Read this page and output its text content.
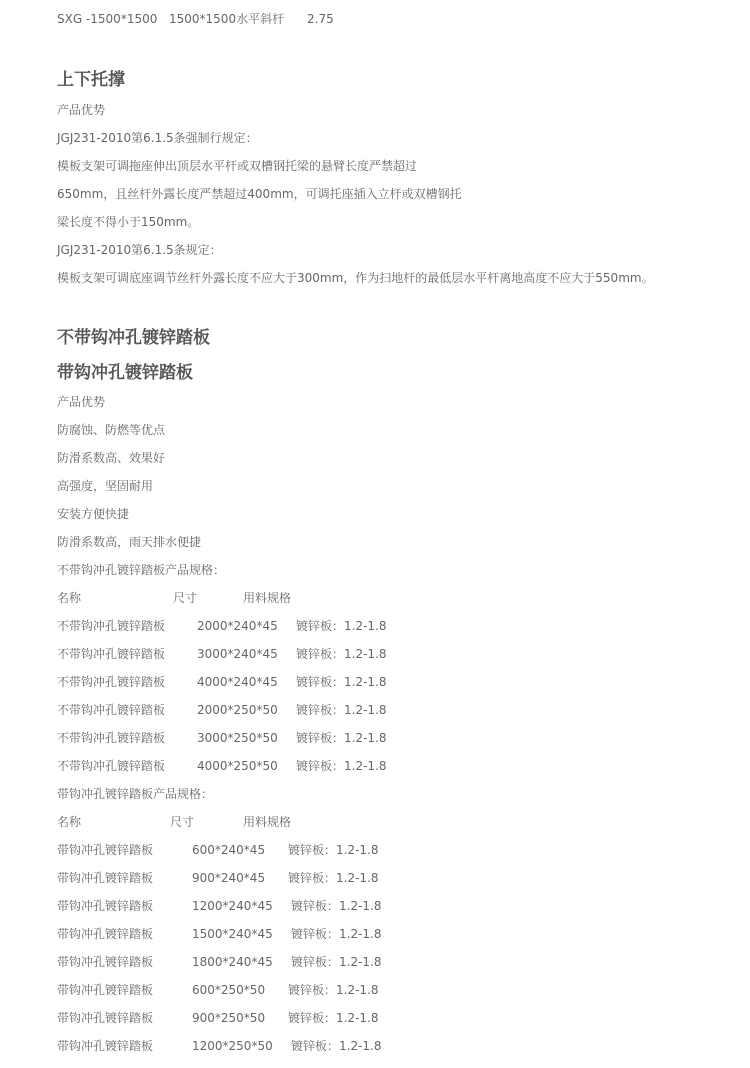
SXG -1500*1500 1500*1500水平斜杆 2.75
上下托撑
产品优势
JGJ231-2010第6.1.5条强制行规定：
模板支架可调拖座伸出顶层水平杆或双槽钢托梁的悬臂长度严禁超过
650mm，且丝杆外露长度严禁超过400mm，可调托座插入立杆或双槽钢托
梁长度不得小于150mm。
JGJ231-2010第6.1.5条规定：
模板支架可调底座调节丝杆外露长度不应大于300mm，作为扫地杆的最低层水平杆离地高度不应大于550mm。
不带钩冲孔镀锌踏板
带钩冲孔镀锌踏板
产品优势
防腐蚀、防燃等优点
防滑系数高、效果好
高强度，坚固耐用
安装方便快捷
防滑系数高，雨天排水便捷
不带钩冲孔镀锌踏板产品规格：
名称	尺寸	用料规格
不带钩冲孔镀锌踏板	2000*240*45 镀锌板：1.2-1.8
不带钩冲孔镀锌踏板	3000*240*45 镀锌板：1.2-1.8
不带钩冲孔镀锌踏板	4000*240*45 镀锌板：1.2-1.8
不带钩冲孔镀锌踏板	2000*250*50 镀锌板：1.2-1.8
不带钩冲孔镀锌踏板	3000*250*50 镀锌板：1.2-1.8
不带钩冲孔镀锌踏板	4000*250*50 镀锌板：1.2-1.8
带钩冲孔镀锌踏板产品规格：
名称	尺寸	用料规格
带钩冲孔镀锌踏板	600*240*45 镀锌板：1.2-1.8
带钩冲孔镀锌踏板	900*240*45 镀锌板：1.2-1.8
带钩冲孔镀锌踏板	1200*240*45 镀锌板：1.2-1.8
带钩冲孔镀锌踏板	1500*240*45 镀锌板：1.2-1.8
带钩冲孔镀锌踏板	1800*240*45 镀锌板：1.2-1.8
带钩冲孔镀锌踏板	600*250*50 镀锌板：1.2-1.8
带钩冲孔镀锌踏板	900*250*50 镀锌板：1.2-1.8
带钩冲孔镀锌踏板	1200*250*50 镀锌板：1.2-1.8
